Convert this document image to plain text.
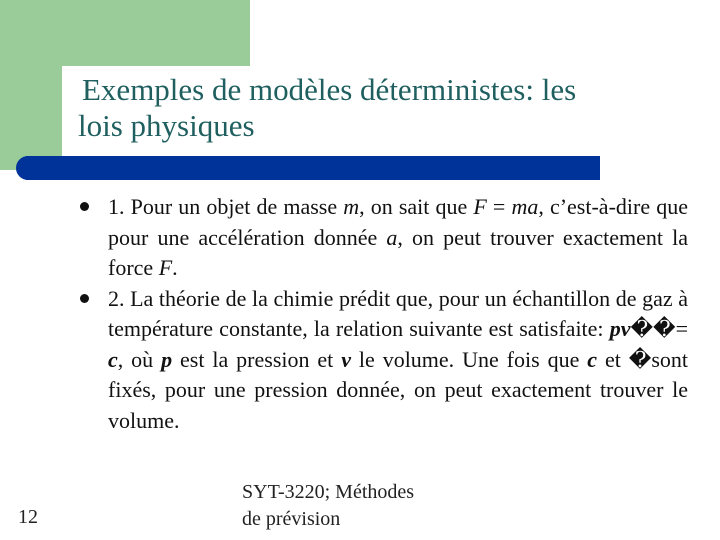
Exemples de modèles déterministes: les
lois physiques
1. Pour un objet de masse m, on sait que F = ma, c’est-à-dire que pour une accélération donnée a, on peut trouver exactement la force F.
2. La théorie de la chimie prédit que, pour un échantillon de gaz à température constante, la relation suivante est satisfaite: pv��= c, où p est la pression et v le volume. Une fois que c et �sont fixés, pour une pression donnée, on peut exactement trouver le volume.
12
SYT-3220; Méthodes
de prévision
